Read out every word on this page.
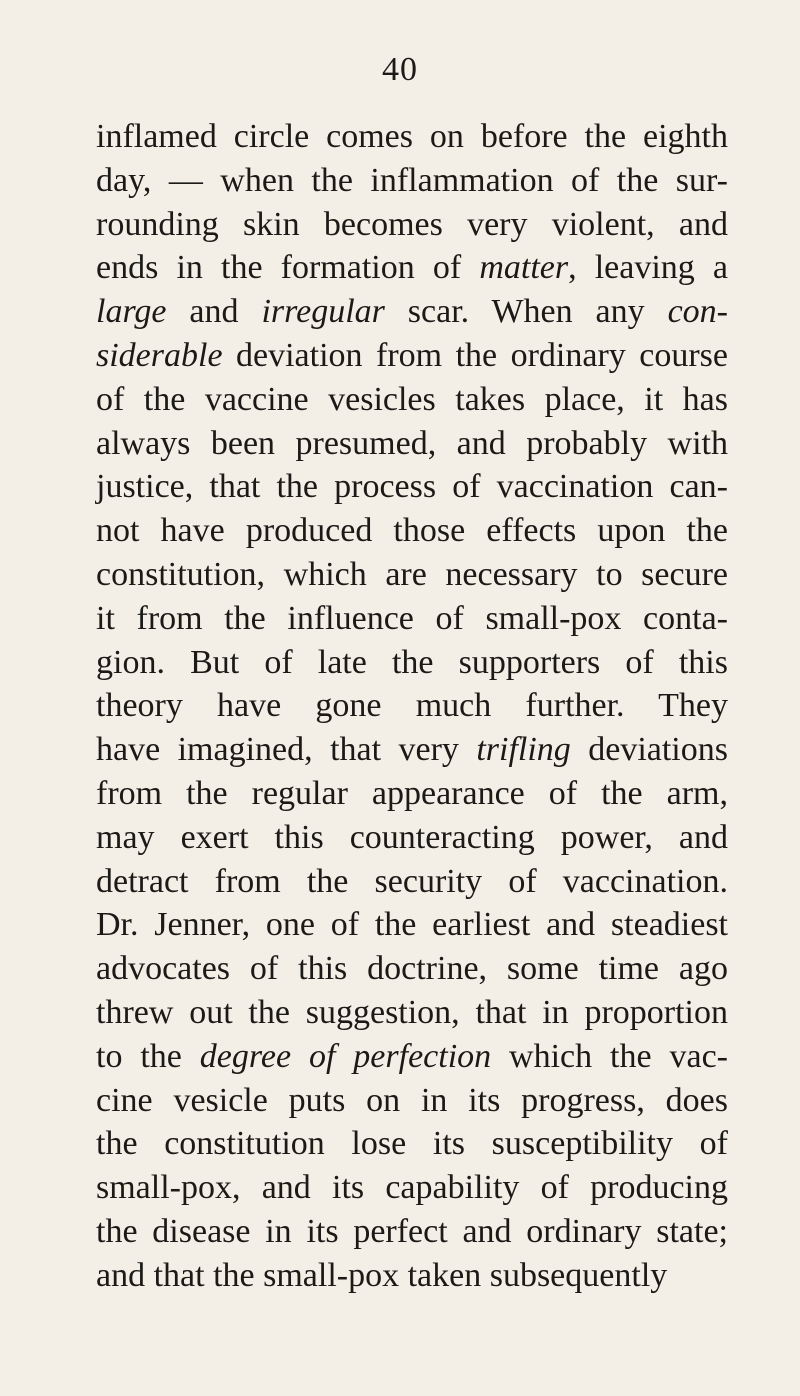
40
inflamed circle comes on before the eighth
day, — when the inflammation of the sur-
rounding skin becomes very violent, and
ends in the formation of matter, leaving a
large and irregular scar. When any con-
siderable deviation from the ordinary course
of the vaccine vesicles takes place, it has
always been presumed, and probably with
justice, that the process of vaccination can-
not have produced those effects upon the
constitution, which are necessary to secure
it from the influence of small-pox conta-
gion. But of late the supporters of this
theory have gone much further. They
have imagined, that very trifling deviations
from the regular appearance of the arm,
may exert this counteracting power, and
detract from the security of vaccination.
Dr. Jenner, one of the earliest and steadiest
advocates of this doctrine, some time ago
threw out the suggestion, that in proportion
to the degree of perfection which the vac-
cine vesicle puts on in its progress, does
the constitution lose its susceptibility of
small-pox, and its capability of producing
the disease in its perfect and ordinary state;
and that the small-pox taken subsequently
